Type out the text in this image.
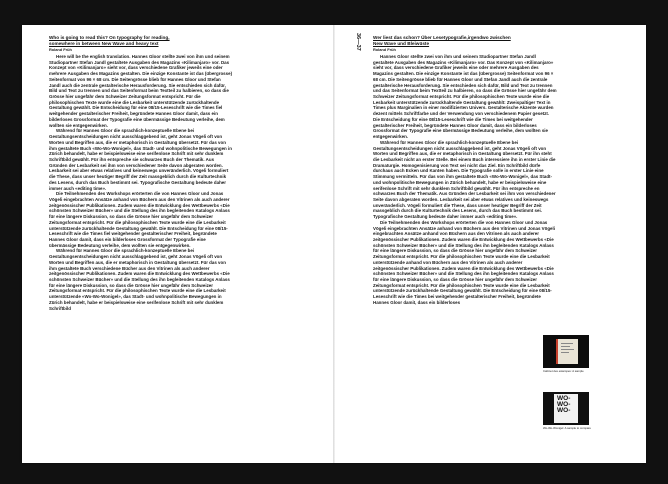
Who is going to read this? On typography for reading,
somewhere in between New Wave and heavy text
Roland Früh

Here will be the english translation. Hannes Gloor stellte zwei von ihm und seinem Studiopartner Stefan Jandl gestaltete Ausgaben des Magazins «Kilimanjaro» vor. Das Konzept von «Kilimanjaro» sieht vor, dass verschiedene Grafiker jeweils eine oder mehrere Ausgaben des Magazins gestalten. Die einzige Konstante ist das (übergrosse) Seitenformat von 96 × 68 cm. Die Seitengrösse blieb für Hannes Gloor und Stefan Jandl auch die zentrale gestalterische Herausforderung. Sie entschieden sich dafür, Bild und Text zu trennen und das Seitenformat beim Textteil zu halbieren, so dass die Grösse hier ungefähr dem Schweizer Zeitungsformat entspricht. Für die philosophischen Texte wurde eine die Lesbarkeit unterstützende zurückhaltende Gestaltung gewählt. Die Entscheidung für eine 08/15-Leseschrift wie die Times fiel weitgehender gestalterischer Freiheit, begründete Hannes Gloor damit, dass ein bilderloses Grossformat der Typografie eine übermässige Bedeutung verleihe, dem wollten sie entgegenwirken.

Während für Hannes Gloor die sprachlich-konzeptuelle Ebene bei Gestaltungsentscheidungen nicht ausschlaggebend ist, geht Jonas Vögeli oft von Worten und Begriffen aus, die er metaphorisch in Gestaltung übersetzt. Für das von ihm gestaltete Buch «Wo-Wo-Wonigel», das Stadt- und wohnpolitische Bewegungen in Zürich behandelt, habe er beispielsweise eine serifenlose Schrift mit sehr dunklem Schriftbild gewählt. Für ihn entspreche sie schwarzes Buch der Thematik. Aus Gründen der Lesbarkeit sei ihm von verschiedener Seite davon abgeraten worden. Lesbarkeit sei aber etwas relatives und keineswegs unveränderlich. Vögeli formuliert die These, dass unser heutiger Begriff der Zeit massgeblich durch die Kulturtechnik des Lesens, durch das Buch bestimmt sei. Typografische Gestaltung bedeute daher immer auch «editing time».

Die Teilnehmenden des Workshops erörterten die von Hannes Gloor und Jonas Vögeli eingebrachten Ansätze anhand von Büchern aus den Vitrinen als auch anderer zeitgenössischer Publikationen. Zudem waren die Entwicklung des Wettbewerbs «Die schönsten Schweizer Bücher» und die Stellung des ihn begleitenden Katalogs Anlass für eine längere Diskussion, so dass die Grösse hier ungefähr dem Schweizer Zeitungsformat entspricht. Für die philosophischen Texte wurde eine die Lesbarkeit unterstützende zurückhaltende Gestaltung gewählt. Die Entscheidung für eine 08/15-Leseschrift wie die Times fiel weitgehender gestalterischer Freiheit, begründete Hannes Gloor damit, dass ein bilderloses Grossformat der Typografie eine übermässige Bedeutung verleihe, dem wollten sie entgegenwirken.

Während für Hannes Gloor die sprachlich-konzeptuelle Ebene bei Gestaltungsentscheidungen nicht ausschlaggebend ist, geht Jonas Vögeli oft von Worten und Begriffen aus, die er metaphorisch in Gestaltung übersetzt. Für das von ihm gestaltete Buch verschiedene Bücher aus den Vitrinen als auch anderer zeitgenössischer Publikationen. Zudem waren die Entwicklung des Wettbewerbs «Die schönsten Schweizer Bücher» und die Stellung des ihn begleitenden Katalogs Anlass für eine längere Diskussion, so dass die Grösse hier ungefähr dem Schweizer Zeitungsformat entspricht. Für die philosophischen Texte wurde eine die Lesbarkeit unterstützende «Wo-Wo-Wonigel», das Stadt- und wohnpolitische Bewegungen in Zürich behandelt, habe er beispielsweise eine serifenlose Schrift mit sehr dunklem Schriftbild

36—37	Wer liest das schon? Über Lesetypografie,irgendwo zwischen
New Wave und Bleiwüste
Roland Früh

Hannes Gloor stellte zwei von ihm und seinem Studiopartner Stefan Jandl gestaltete Ausgaben des Magazins «Kilimanjaro» vor. Das Konzept von «Kilimanjaro» sieht vor, dass verschiedene Grafiker jeweils eine oder mehrere Ausgaben des Magazins gestalten. Die einzige Konstante ist das (übergrosse) Seitenformat von 96 × 68 cm. Die Seitengrösse blieb für Hannes Gloor und Stefan Jandl auch die zentrale gestalterische Herausforderung. Sie entschieden sich dafür, Bild und Text zu trennen und das Seitenformat beim Textteil zu halbieren, so dass die Grösse hier ungefähr dem Schweizer Zeitungsformat entspricht. Für die philosophischen Texte wurde eine die Lesbarkeit unterstützende zurückhaltende Gestaltung gewählt: Zweispaltiger Text in Times plus Marginalien in einer modifizierten Univers. Gestalterische Akzente wurden dezent mittels Schriftfarbe und der Verwendung von verschiedenem Papier gesetzt. Die Entscheidung für eine 08/15-Leseschrift wie die Times bei weitgehender gestalterischer Freiheit, begründete Hannes Gloor damit, dass ein bilderloses Grossformat der Typografie eine übermässige Bedeutung verleihe, dem wollten sie entgegenwirken.

Während für Hannes Gloor die sprachlich-konzeptuelle Ebene bei Gestaltungsentscheidungen nicht ausschlaggebend ist, geht Jonas Vögeli oft von Worten und Begriffen aus, die er metaphorisch in Gestaltung übersetzt. Für ihn steht die Lesbarkeit nicht an erster Stelle. Bei einem Buch interessiere ihn in erster Linie die Dramaturgie. Homogenisierung von Text sei nicht das Ziel. Ein Schriftbild dürfe durchaus auch Ecken und Kanten haben. Die Typografie solle in erster Linie eine Stimmung vermitteln. Für das von ihm gestaltete Buch «Wo-Wo-Wonigel», das Stadt- und wohnpolitische Bewegungen in Zürich behandelt, habe er beispielsweise eine serifenlose Schrift mit sehr dunklem Schriftbild gewählt. Für ihn entspreche en schwarzes Buch der Thematik. Aus Gründen der Lesbarkeit sei ihm von verschiedener Seite davon abgeraten worden. Lesbarkeit sei aber etwas relatives und keineswegs unveränderlich. Vögeli formuliert die These, dass unser heutiger Begriff der Zeit massgeblich durch die Kulturtechnik des Lesens, durch das Buch bestimmt sei. Typografische Gestaltung bedeute daher immer auch «editing time».

Die Teilnehmenden des Workshops erörterten die von Hannes Gloor und Jonas Vögeli eingebrachten Ansätze anhand von Büchern aus den Vitrinen und Jonas Vögeli eingebrachten Ansätze anhand von Büchern aus den Vitrinen als auch anderer zeitgenössischer Publikationen. Zudem waren die Entwicklung des Wettbewerbs «Die schönsten Schweizer Bücher» und die Stellung des ihn begleitenden Katalogs Anlass für eine längere Diskussion, so dass die Grösse hier ungefähr dem Schweizer Zeitungsformat entspricht. Für die philosophischen Texte wurde eine die Lesbarkeit unterstützende anhand von Büchern aus den Vitrinen als auch anderer zeitgenössischer Publikationen. Zudem waren die Entwicklung des Wettbewerbs «Die schönsten Schweizer Bücher» und die Stellung des ihn begleitenden Katalogs Anlass für eine längere Diskussion, so dass die Grösse hier ungefähr dem Schweizer Zeitungsformat entspricht. Für die philosophischen Texte wurde eine die Lesbarkeit unterstützende zurückhaltende Gestaltung gewählt. Die Entscheidung für eine 08/15-Leseschrift wie die Times bei weitgehender gestalterischer Freiheit, begründete Hannes Gloor damit, dass ein bilderloses

Cabinet des estampes: A sample
WO-
WO-
WO-
Wo-Wo-Wonigel: A sample to compare
